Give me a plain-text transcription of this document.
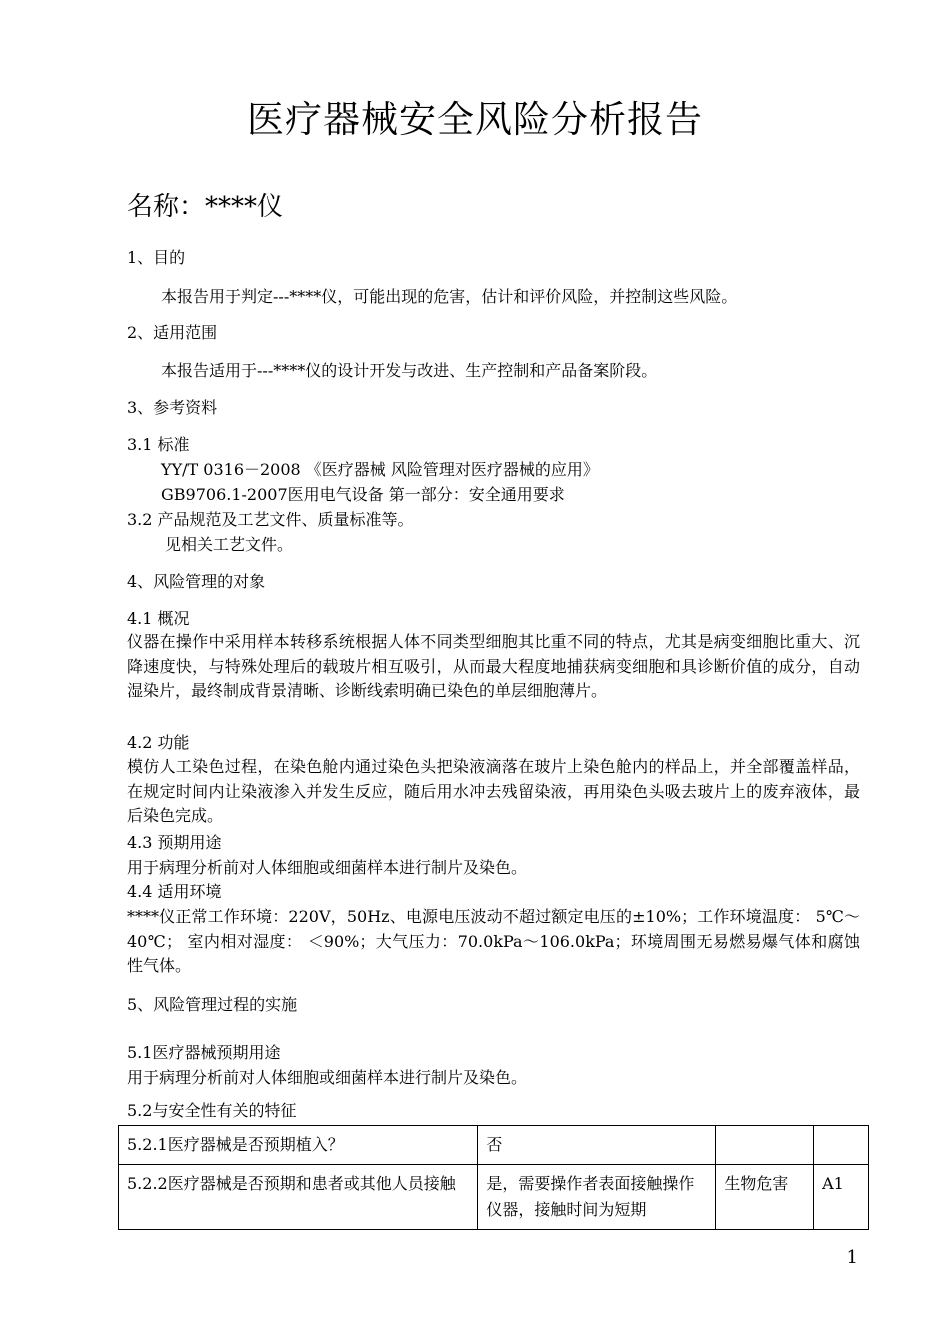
医疗器械安全风险分析报告
名称：****仪
1、目的
本报告用于判定---****仪，可能出现的危害，估计和评价风险，并控制这些风险。
2、适用范围
本报告适用于---****仪的设计开发与改进、生产控制和产品备案阶段。
3、参考资料
3.1 标准
YY/T 0316－2008 《医疗器械 风险管理对医疗器械的应用》
GB9706.1-2007医用电气设备 第一部分：安全通用要求
3.2 产品规范及工艺文件、质量标准等。
见相关工艺文件。
4、风险管理的对象
4.1 概况
仪器在操作中采用样本转移系统根据人体不同类型细胞其比重不同的特点，尤其是病变细胞比重大、沉降速度快，与特殊处理后的载玻片相互吸引，从而最大程度地捕获病变细胞和具诊断价值的成分，自动湿染片，最终制成背景清晰、诊断线索明确已染色的单层细胞薄片。
4.2 功能
模仿人工染色过程，在染色舱内通过染色头把染液滴落在玻片上染色舱内的样品上，并全部覆盖样品，在规定时间内让染液渗入并发生反应，随后用水冲去残留染液，再用染色头吸去玻片上的废弃液体，最后染色完成。
4.3 预期用途
用于病理分析前对人体细胞或细菌样本进行制片及染色。
4.4 适用环境
****仪正常工作环境：220V，50Hz、电源电压波动不超过额定电压的±10%；工作环境温度： 5℃～40℃； 室内相对湿度： ＜90%；大气压力：70.0kPa～106.0kPa；环境周围无易燃易爆气体和腐蚀性气体。
5、风险管理过程的实施
5.1医疗器械预期用途
用于病理分析前对人体细胞或细菌样本进行制片及染色。
5.2与安全性有关的特征
5.2.1医疗器械是否预期植入？	否		
5.2.2医疗器械是否预期和患者或其他人员接触	是，需要操作者表面接触操作仪器，接触时间为短期	生物危害	A1
1
